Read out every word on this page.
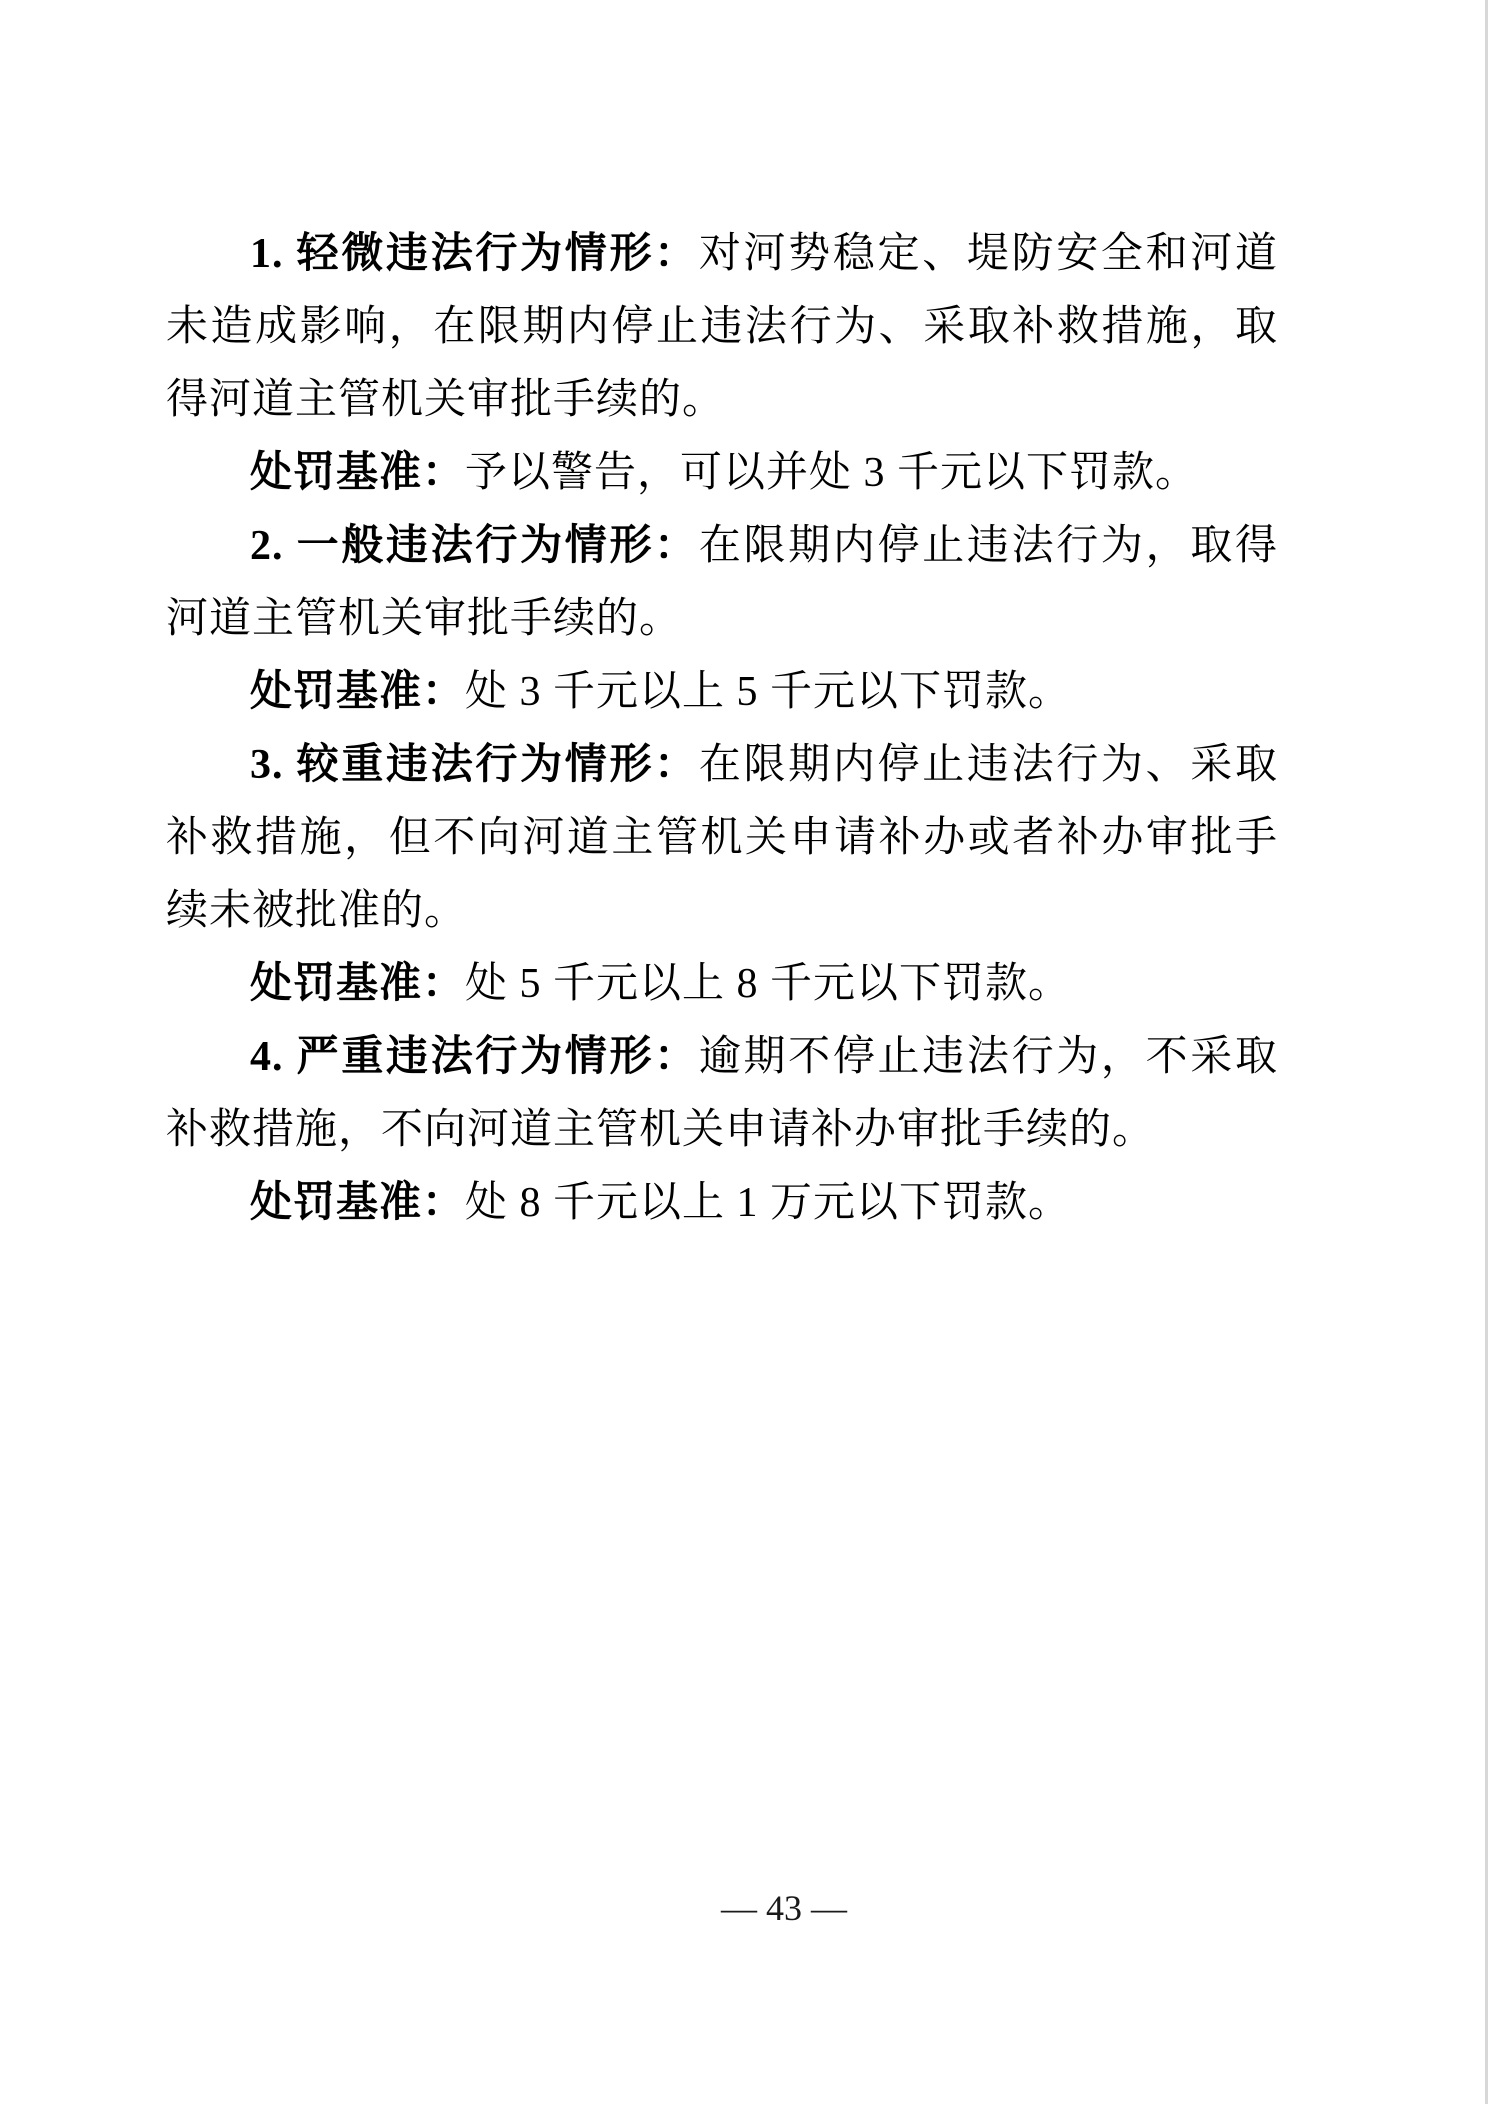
1. 轻微违法行为情形：对河势稳定、堤防安全和河道未造成影响，在限期内停止违法行为、采取补救措施，取得河道主管机关审批手续的。

处罚基准：予以警告，可以并处 3 千元以下罚款。

2. 一般违法行为情形：在限期内停止违法行为，取得河道主管机关审批手续的。

处罚基准：处 3 千元以上 5 千元以下罚款。

3. 较重违法行为情形：在限期内停止违法行为、采取补救措施，但不向河道主管机关申请补办或者补办审批手续未被批准的。

处罚基准：处 5 千元以上 8 千元以下罚款。

4. 严重违法行为情形：逾期不停止违法行为，不采取补救措施，不向河道主管机关申请补办审批手续的。

处罚基准：处 8 千元以上 1 万元以下罚款。

— 43 —
